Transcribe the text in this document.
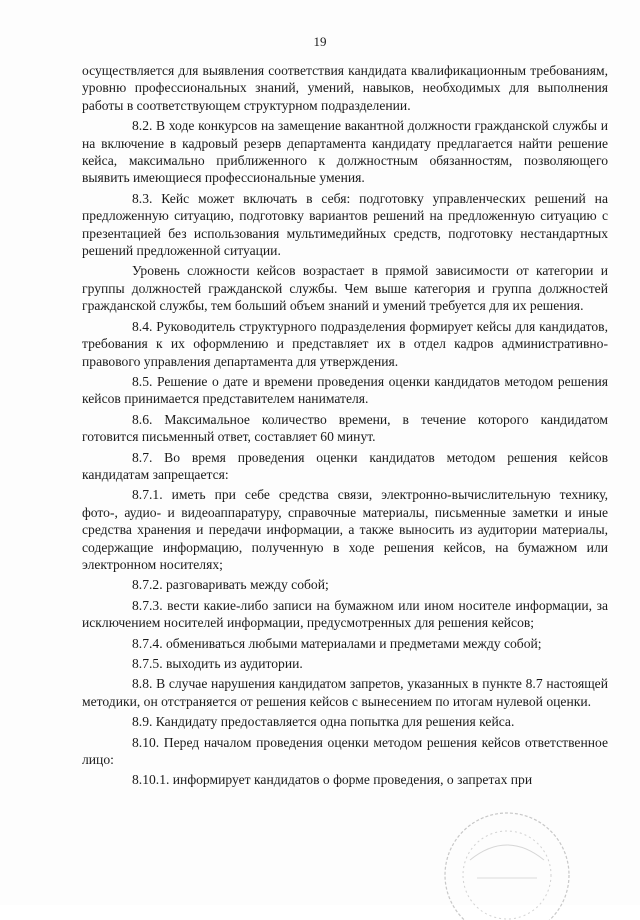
19

осуществляется для выявления соответствия кандидата квалификационным требованиям, уровню профессиональных знаний, умений, навыков, необходимых для выполнения работы в соответствующем структурном подразделении.

8.2. В ходе конкурсов на замещение вакантной должности гражданской службы и на включение в кадровый резерв департамента кандидату предлагается найти решение кейса, максимально приближенного к должностным обязанностям, позволяющего выявить имеющиеся профессиональные умения.

8.3. Кейс может включать в себя: подготовку управленческих решений на предложенную ситуацию, подготовку вариантов решений на предложенную ситуацию с презентацией без использования мультимедийных средств, подготовку нестандартных решений предложенной ситуации.

Уровень сложности кейсов возрастает в прямой зависимости от категории и группы должностей гражданской службы. Чем выше категория и группа должностей гражданской службы, тем больший объем знаний и умений требуется для их решения.

8.4. Руководитель структурного подразделения формирует кейсы для кандидатов, требования к их оформлению и представляет их в отдел кадров административно-правового управления департамента для утверждения.

8.5. Решение о дате и времени проведения оценки кандидатов методом решения кейсов принимается представителем нанимателя.

8.6. Максимальное количество времени, в течение которого кандидатом готовится письменный ответ, составляет 60 минут.

8.7. Во время проведения оценки кандидатов методом решения кейсов кандидатам запрещается:

8.7.1. иметь при себе средства связи, электронно-вычислительную технику, фото-, аудио- и видеоаппаратуру, справочные материалы, письменные заметки и иные средства хранения и передачи информации, а также выносить из аудитории материалы, содержащие информацию, полученную в ходе решения кейсов, на бумажном или электронном носителях;

8.7.2. разговаривать между собой;

8.7.3. вести какие-либо записи на бумажном или ином носителе информации, за исключением носителей информации, предусмотренных для решения кейсов;

8.7.4. обмениваться любыми материалами и предметами между собой;

8.7.5. выходить из аудитории.

8.8. В случае нарушения кандидатом запретов, указанных в пункте 8.7 настоящей методики, он отстраняется от решения кейсов с вынесением по итогам нулевой оценки.

8.9. Кандидату предоставляется одна попытка для решения кейса.

8.10. Перед началом проведения оценки методом решения кейсов ответственное лицо:

8.10.1. информирует кандидатов о форме проведения, о запретах при
